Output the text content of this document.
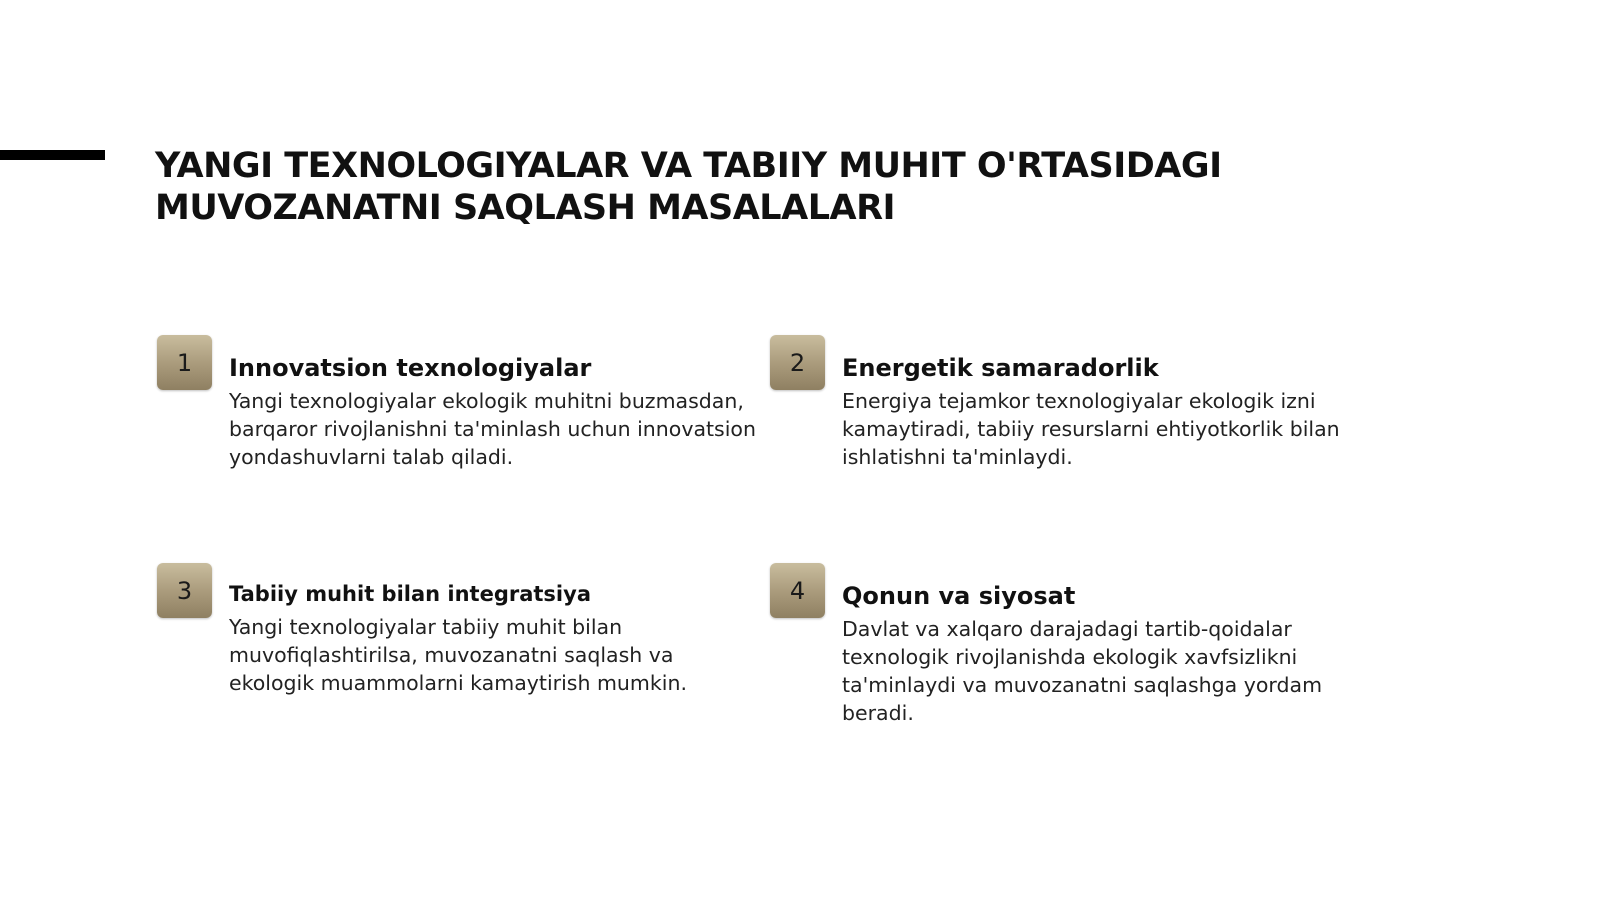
YANGI TEXNOLOGIYALAR VA TABIIY MUHIT O'RTASIDAGI
MUVOZANATNI SAQLASH MASALALARI
1	Innovatsion texnologiyalar

Yangi texnologiyalar ekologik muhitni buzmasdan, barqaror rivojlanishni ta'minlash uchun innovatsion yondashuvlarni talab qiladi.

2	Energetik samaradorlik

Energiya tejamkor texnologiyalar ekologik izni kamaytiradi, tabiiy resurslarni ehtiyotkorlik bilan ishlatishni ta'minlaydi.

3	Tabiiy muhit bilan integratsiya

Yangi texnologiyalar tabiiy muhit bilan muvofiqlashtirilsa, muvozanatni saqlash va ekologik muammolarni kamaytirish mumkin.

4	Qonun va siyosat

Davlat va xalqaro darajadagi tartib-qoidalar texnologik rivojlanishda ekologik xavfsizlikni ta'minlaydi va muvozanatni saqlashga yordam beradi.
